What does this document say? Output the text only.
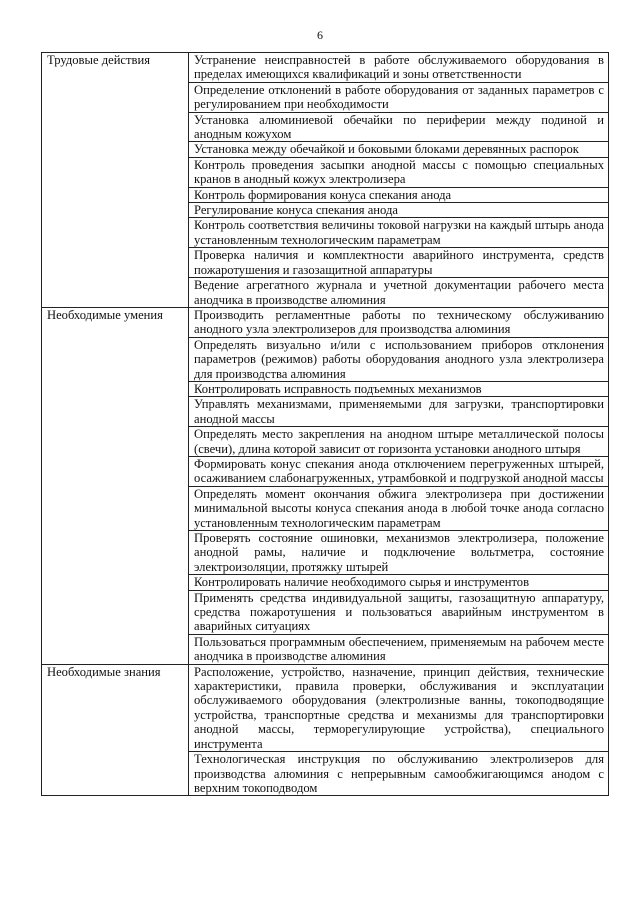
6
Трудовые действия	Устранение неисправностей в работе обслуживаемого оборудования в пределах имеющихся квалификаций и зоны ответственности
	Определение отклонений в работе оборудования от заданных параметров с регулированием при необходимости
	Установка алюминиевой обечайки по периферии между подиной и анодным кожухом
	Установка между обечайкой и боковыми блоками деревянных распорок
	Контроль проведения засыпки анодной массы с помощью специальных кранов в анодный кожух электролизера
	Контроль формирования конуса спекания анода
	Регулирование конуса спекания анода
	Контроль соответствия величины токовой нагрузки на каждый штырь анода установленным технологическим параметрам
	Проверка наличия и комплектности аварийного инструмента, средств пожаротушения и газозащитной аппаратуры
	Ведение агрегатного журнала и учетной документации рабочего места анодчика в производстве алюминия
Необходимые умения	Производить регламентные работы по техническому обслуживанию анодного узла электролизеров для производства алюминия
	Определять визуально и/или с использованием приборов отклонения параметров (режимов) работы оборудования анодного узла электролизера для производства алюминия
	Контролировать исправность подъемных механизмов
	Управлять механизмами, применяемыми для загрузки, транспортировки анодной массы
	Определять место закрепления на анодном штыре металлической полосы (свечи), длина которой зависит от горизонта установки анодного штыря
	Формировать конус спекания анода отключением перегруженных штырей, осаживанием слабонагруженных, утрамбовкой и подгрузкой анодной массы
	Определять момент окончания обжига электролизера при достижении минимальной высоты конуса спекания анода в любой точке анода согласно установленным технологическим параметрам
	Проверять состояние ошиновки, механизмов электролизера, положение анодной рамы, наличие и подключение вольтметра, состояние электроизоляции, протяжку штырей
	Контролировать наличие необходимого сырья и инструментов
	Применять средства индивидуальной защиты, газозащитную аппаратуру, средства пожаротушения и пользоваться аварийным инструментом в аварийных ситуациях
	Пользоваться программным обеспечением, применяемым на рабочем месте анодчика в производстве алюминия
Необходимые знания	Расположение, устройство, назначение, принцип действия, технические характеристики, правила проверки, обслуживания и эксплуатации обслуживаемого оборудования (электролизные ванны, токоподводящие устройства, транспортные средства и механизмы для транспортировки анодной массы, терморегулирующие устройства), специального инструмента
	Технологическая инструкция по обслуживанию электролизеров для производства алюминия с непрерывным самообжигающимся анодом с верхним токоподводом
